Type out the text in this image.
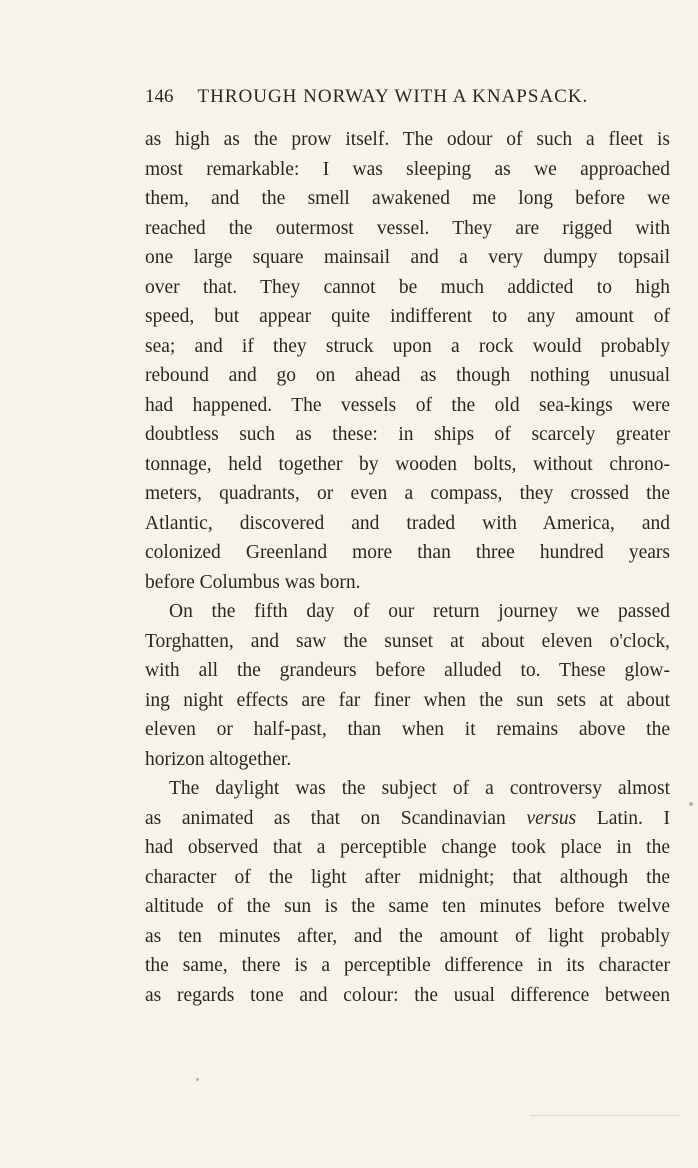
146 THROUGH NORWAY WITH A KNAPSACK.
as high as the prow itself. The odour of such a fleet is
most remarkable: I was sleeping as we approached
them, and the smell awakened me long before we
reached the outermost vessel. They are rigged with
one large square mainsail and a very dumpy topsail
over that. They cannot be much addicted to high
speed, but appear quite indifferent to any amount of
sea; and if they struck upon a rock would probably
rebound and go on ahead as though nothing unusual
had happened. The vessels of the old sea-kings were
doubtless such as these: in ships of scarcely greater
tonnage, held together by wooden bolts, without chrono-
meters, quadrants, or even a compass, they crossed the
Atlantic, discovered and traded with America, and
colonized Greenland more than three hundred years
before Columbus was born.
On the fifth day of our return journey we passed
Torghatten, and saw the sunset at about eleven o'clock,
with all the grandeurs before alluded to. These glow-
ing night effects are far finer when the sun sets at about
eleven or half-past, than when it remains above the
horizon altogether.
The daylight was the subject of a controversy almost
as animated as that on Scandinavian versus Latin. I
had observed that a perceptible change took place in the
character of the light after midnight; that although the
altitude of the sun is the same ten minutes before twelve
as ten minutes after, and the amount of light probably
the same, there is a perceptible difference in its character
as regards tone and colour: the usual difference between
